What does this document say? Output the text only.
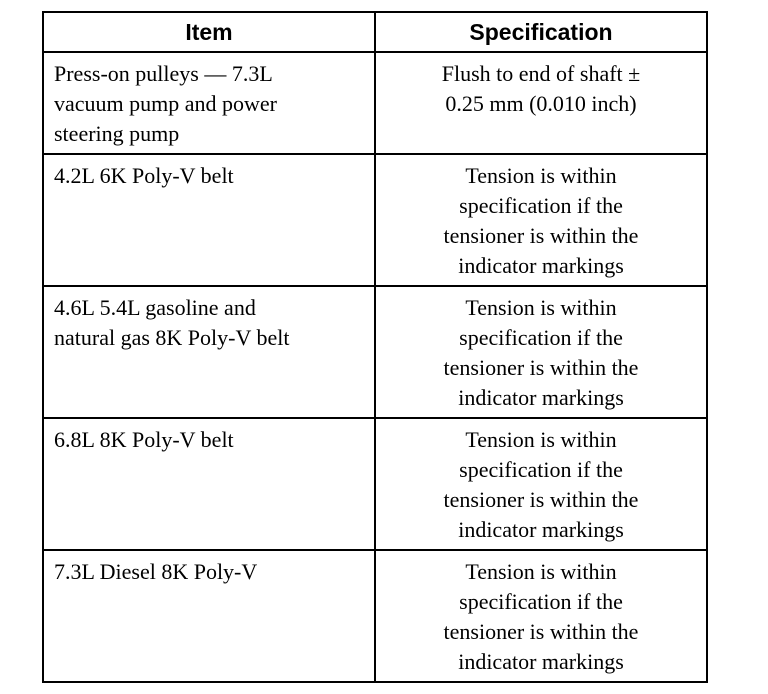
Item	Specification

Press-on pulleys — 7.3L
vacuum pump and power
steering pump	Flush to end of shaft ±
0.25 mm (0.010 inch)

4.2L 6K Poly-V belt	Tension is within
specification if the
tensioner is within the
indicator markings

4.6L 5.4L gasoline and
natural gas 8K Poly-V belt	Tension is within
specification if the
tensioner is within the
indicator markings

6.8L 8K Poly-V belt	Tension is within
specification if the
tensioner is within the
indicator markings

7.3L Diesel 8K Poly-V	Tension is within
specification if the
tensioner is within the
indicator markings
